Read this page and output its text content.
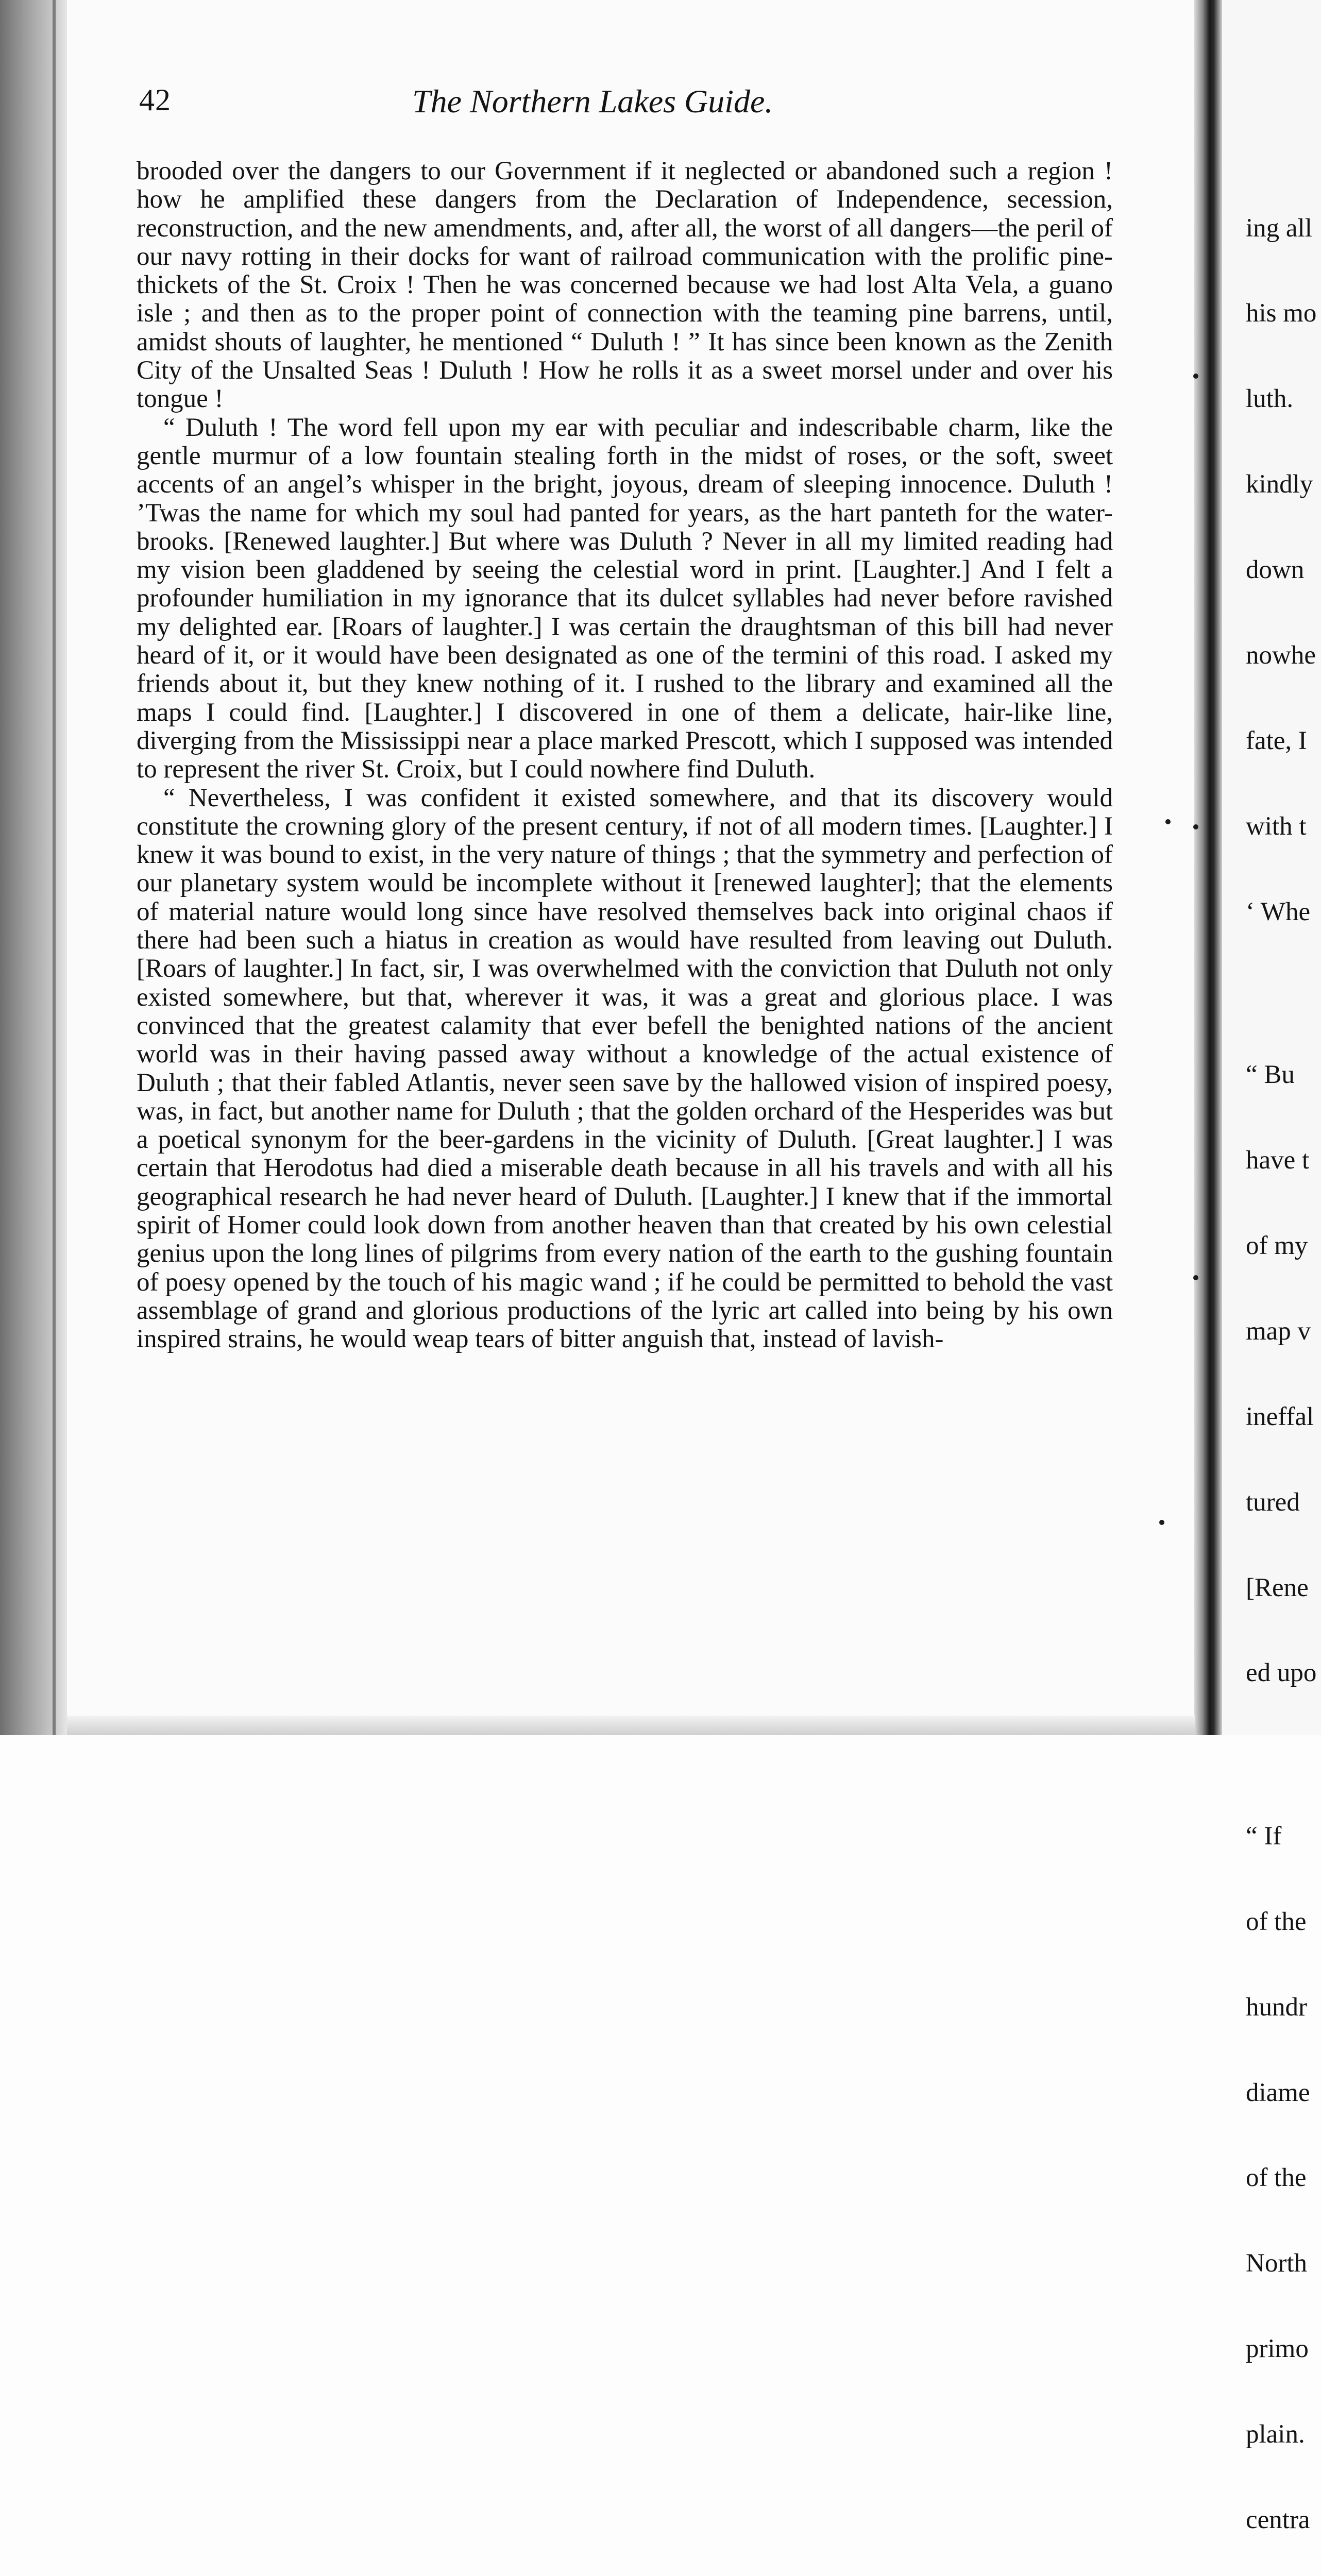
42	The Northern Lakes Guide.

brooded over the dangers to our Government if it neglected or abandoned such a region ! how he amplified these dangers from the Declaration of Independence, secession, reconstruction, and the new amendments, and, after all, the worst of all dangers—the peril of our navy rotting in their docks for want of railroad communication with the prolific pine-thickets of the St. Croix ! Then he was concerned because we had lost Alta Vela, a guano isle ; and then as to the proper point of connection with the teaming pine barrens, until, amidst shouts of laughter, he mentioned “ Duluth ! ” It has since been known as the Zenith City of the Unsalted Seas ! Duluth ! How he rolls it as a sweet morsel under and over his tongue !

“ Duluth ! The word fell upon my ear with peculiar and indescribable charm, like the gentle murmur of a low fountain stealing forth in the midst of roses, or the soft, sweet accents of an angel’s whisper in the bright, joyous, dream of sleeping innocence. Duluth ! ’Twas the name for which my soul had panted for years, as the hart panteth for the water-brooks. [Renewed laughter.] But where was Duluth ? Never in all my limited reading had my vision been gladdened by seeing the celestial word in print. [Laughter.] And I felt a profounder humiliation in my ignorance that its dulcet syllables had never before ravished my delighted ear. [Roars of laughter.] I was certain the draughtsman of this bill had never heard of it, or it would have been designated as one of the termini of this road. I asked my friends about it, but they knew nothing of it. I rushed to the library and examined all the maps I could find. [Laughter.] I discovered in one of them a delicate, hair-like line, diverging from the Mississippi near a place marked Prescott, which I supposed was intended to represent the river St. Croix, but I could nowhere find Duluth.

“ Nevertheless, I was confident it existed somewhere, and that its discovery would constitute the crowning glory of the present century, if not of all modern times. [Laughter.] I knew it was bound to exist, in the very nature of things ; that the symmetry and perfection of our planetary system would be incomplete without it [renewed laughter]; that the elements of material nature would long since have resolved themselves back into original chaos if there had been such a hiatus in creation as would have resulted from leaving out Duluth. [Roars of laughter.] In fact, sir, I was overwhelmed with the conviction that Duluth not only existed somewhere, but that, wherever it was, it was a great and glorious place. I was convinced that the greatest calamity that ever befell the benighted nations of the ancient world was in their having passed away without a knowledge of the actual existence of Duluth ; that their fabled Atlantis, never seen save by the hallowed vision of inspired poesy, was, in fact, but another name for Duluth ; that the golden orchard of the Hesperides was but a poetical synonym for the beer-gardens in the vicinity of Duluth. [Great laughter.] I was certain that Herodotus had died a miserable death because in all his travels and with all his geographical research he had never heard of Duluth. [Laughter.] I knew that if the immortal spirit of Homer could look down from another heaven than that created by his own celestial genius upon the long lines of pilgrims from every nation of the earth to the gushing fountain of poesy opened by the touch of his magic wand ; if he could be permitted to behold the vast assemblage of grand and glorious productions of the lyric art called into being by his own inspired strains, he would weap tears of bitter anguish that, instead of lavish-

ing all

his mo

luth.

kindly

down

nowhe

fate, I

with t

‘ Whe

“ Bu

have t

of my

map v

ineffal

tured

[Rene

ed upo

“ If

of the

hundr

diame

of the

North

primo

plain.

centra
